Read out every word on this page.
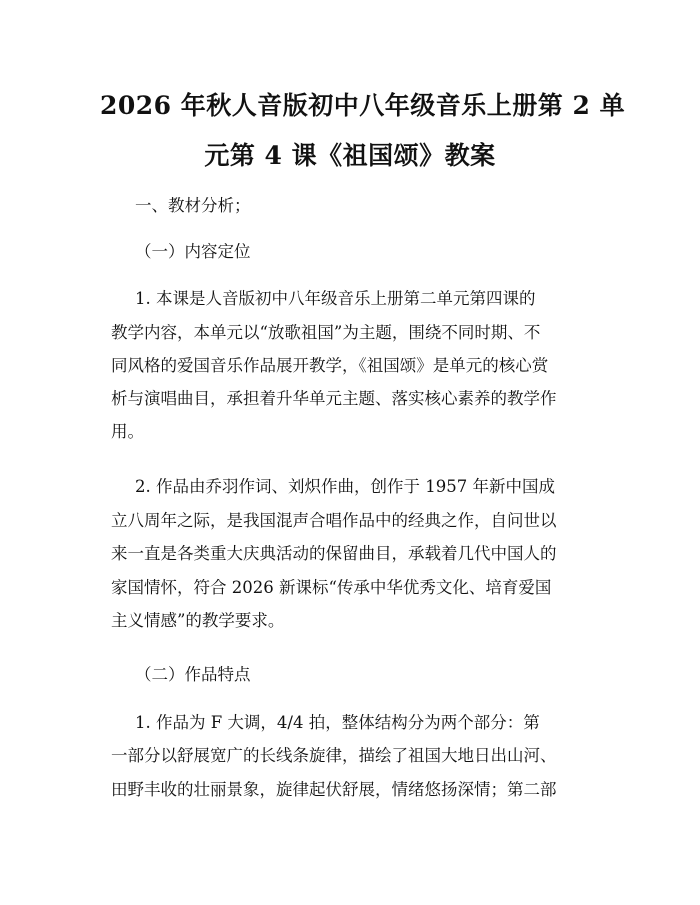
2026 年秋人音版初中八年级音乐上册第 2 单
元第 4 课《祖国颂》教案
一、教材分析；
（一）内容定位
1. 本课是人音版初中八年级音乐上册第二单元第四课的
教学内容，本单元以“放歌祖国”为主题，围绕不同时期、不
同风格的爱国音乐作品展开教学，《祖国颂》是单元的核心赏
析与演唱曲目，承担着升华单元主题、落实核心素养的教学作
用。
2. 作品由乔羽作词、刘炽作曲，创作于 1957 年新中国成
立八周年之际，是我国混声合唱作品中的经典之作，自问世以
来一直是各类重大庆典活动的保留曲目，承载着几代中国人的
家国情怀，符合 2026 新课标“传承中华优秀文化、培育爱国
主义情感”的教学要求。
（二）作品特点
1. 作品为 F 大调，4/4 拍，整体结构分为两个部分：第
一部分以舒展宽广的长线条旋律，描绘了祖国大地日出山河、
田野丰收的壮丽景象，旋律起伏舒展，情绪悠扬深情；第二部
